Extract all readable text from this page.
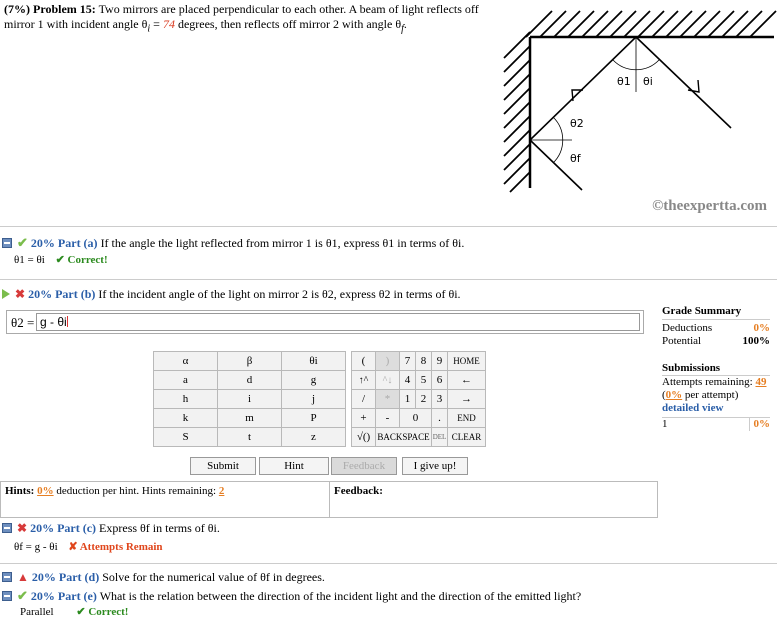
(7%) Problem 15: Two mirrors are placed perpendicular to each other. A beam of light reflects off mirror 1 with incident angle $\theta_i = 74$ degrees, then reflects off mirror 2 with angle $\theta_f$.
θ1 θi
θ2
θf
©theexpertta.com
✔ 20% Part (a) If the angle the light reflected from mirror 1 is θ1, express θ1 in terms of θi.
θ1 = θi ✔ Correct!
✖ 20% Part (b) If the incident angle of the light on mirror 2 is θ2, express θ2 in terms of θi.
θ2 = g - θi
α	β	θi		(	)	7	8	9	HOME
a	d	g		↑^	^↓	4	5	6	←
h	i	j		/	*	1	2	3	→
k	m	P		+	-	0		.	END
S	t	z		√()	BACKSPACE			DEL	CLEAR
Submit	Hint	Feedback	I give up!
Hints: 0% deduction per hint. Hints remaining: 2	Feedback:
Grade Summary
Deductions	0%
Potential	100%
Submissions
Attempts remaining: 49
(0% per attempt)
detailed view
1	0%
✖ 20% Part (c) Express θf in terms of θi.
θf = g - θi ✘ Attempts Remain
▲ 20% Part (d) Solve for the numerical value of θf in degrees.
✔ 20% Part (e) What is the relation between the direction of the incident light and the direction of the emitted light?
Parallel ✔ Correct!
